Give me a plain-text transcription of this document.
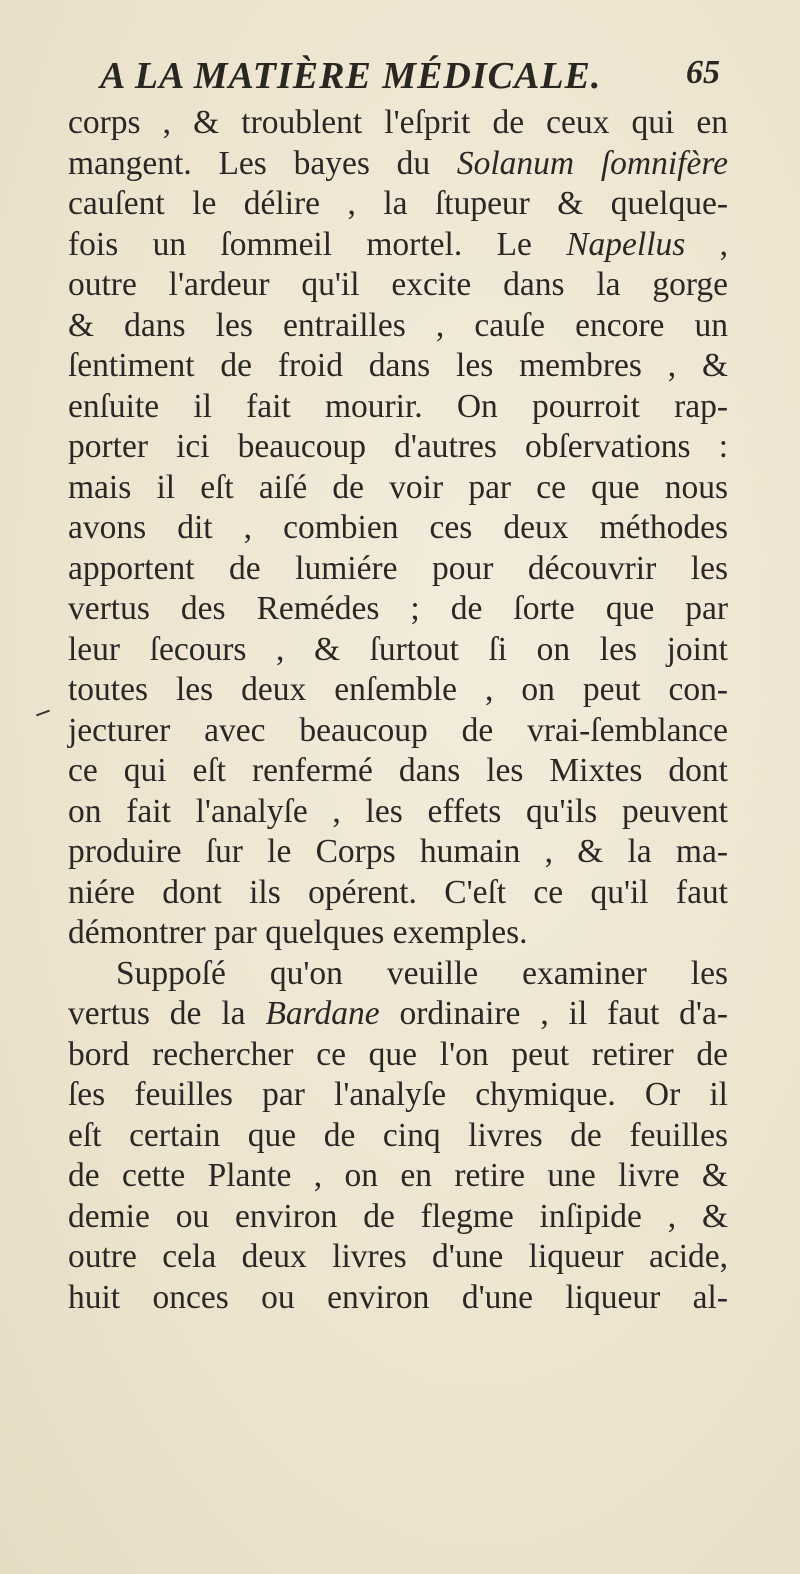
A LA MATIÈRE MÉDICALE. 65
corps , & troublent l'eſprit de ceux qui en
mangent. Les bayes du Solanum ſomnifère
cauſent le délire , la ſtupeur & quelque-
fois un ſommeil mortel. Le Napellus ,
outre l'ardeur qu'il excite dans la gorge
& dans les entrailles , cauſe encore un
ſentiment de froid dans les membres , &
enſuite il fait mourir. On pourroit rap-
porter ici beaucoup d'autres obſervations :
mais il eſt aiſé de voir par ce que nous
avons dit , combien ces deux méthodes
apportent de lumiére pour découvrir les
vertus des Remédes ; de ſorte que par
leur ſecours , & ſurtout ſi on les joint
toutes les deux enſemble , on peut con-
jecturer avec beaucoup de vrai-ſemblance
ce qui eſt renfermé dans les Mixtes dont
on fait l'analyſe , les effets qu'ils peuvent
produire ſur le Corps humain , & la ma-
niére dont ils opérent. C'eſt ce qu'il faut
démontrer par quelques exemples.
Suppoſé qu'on veuille examiner les
vertus de la Bardane ordinaire , il faut d'a-
bord rechercher ce que l'on peut retirer de
ſes feuilles par l'analyſe chymique. Or il
eſt certain que de cinq livres de feuilles
de cette Plante , on en retire une livre &
demie ou environ de flegme inſipide , &
outre cela deux livres d'une liqueur acide,
huit onces ou environ d'une liqueur al-
